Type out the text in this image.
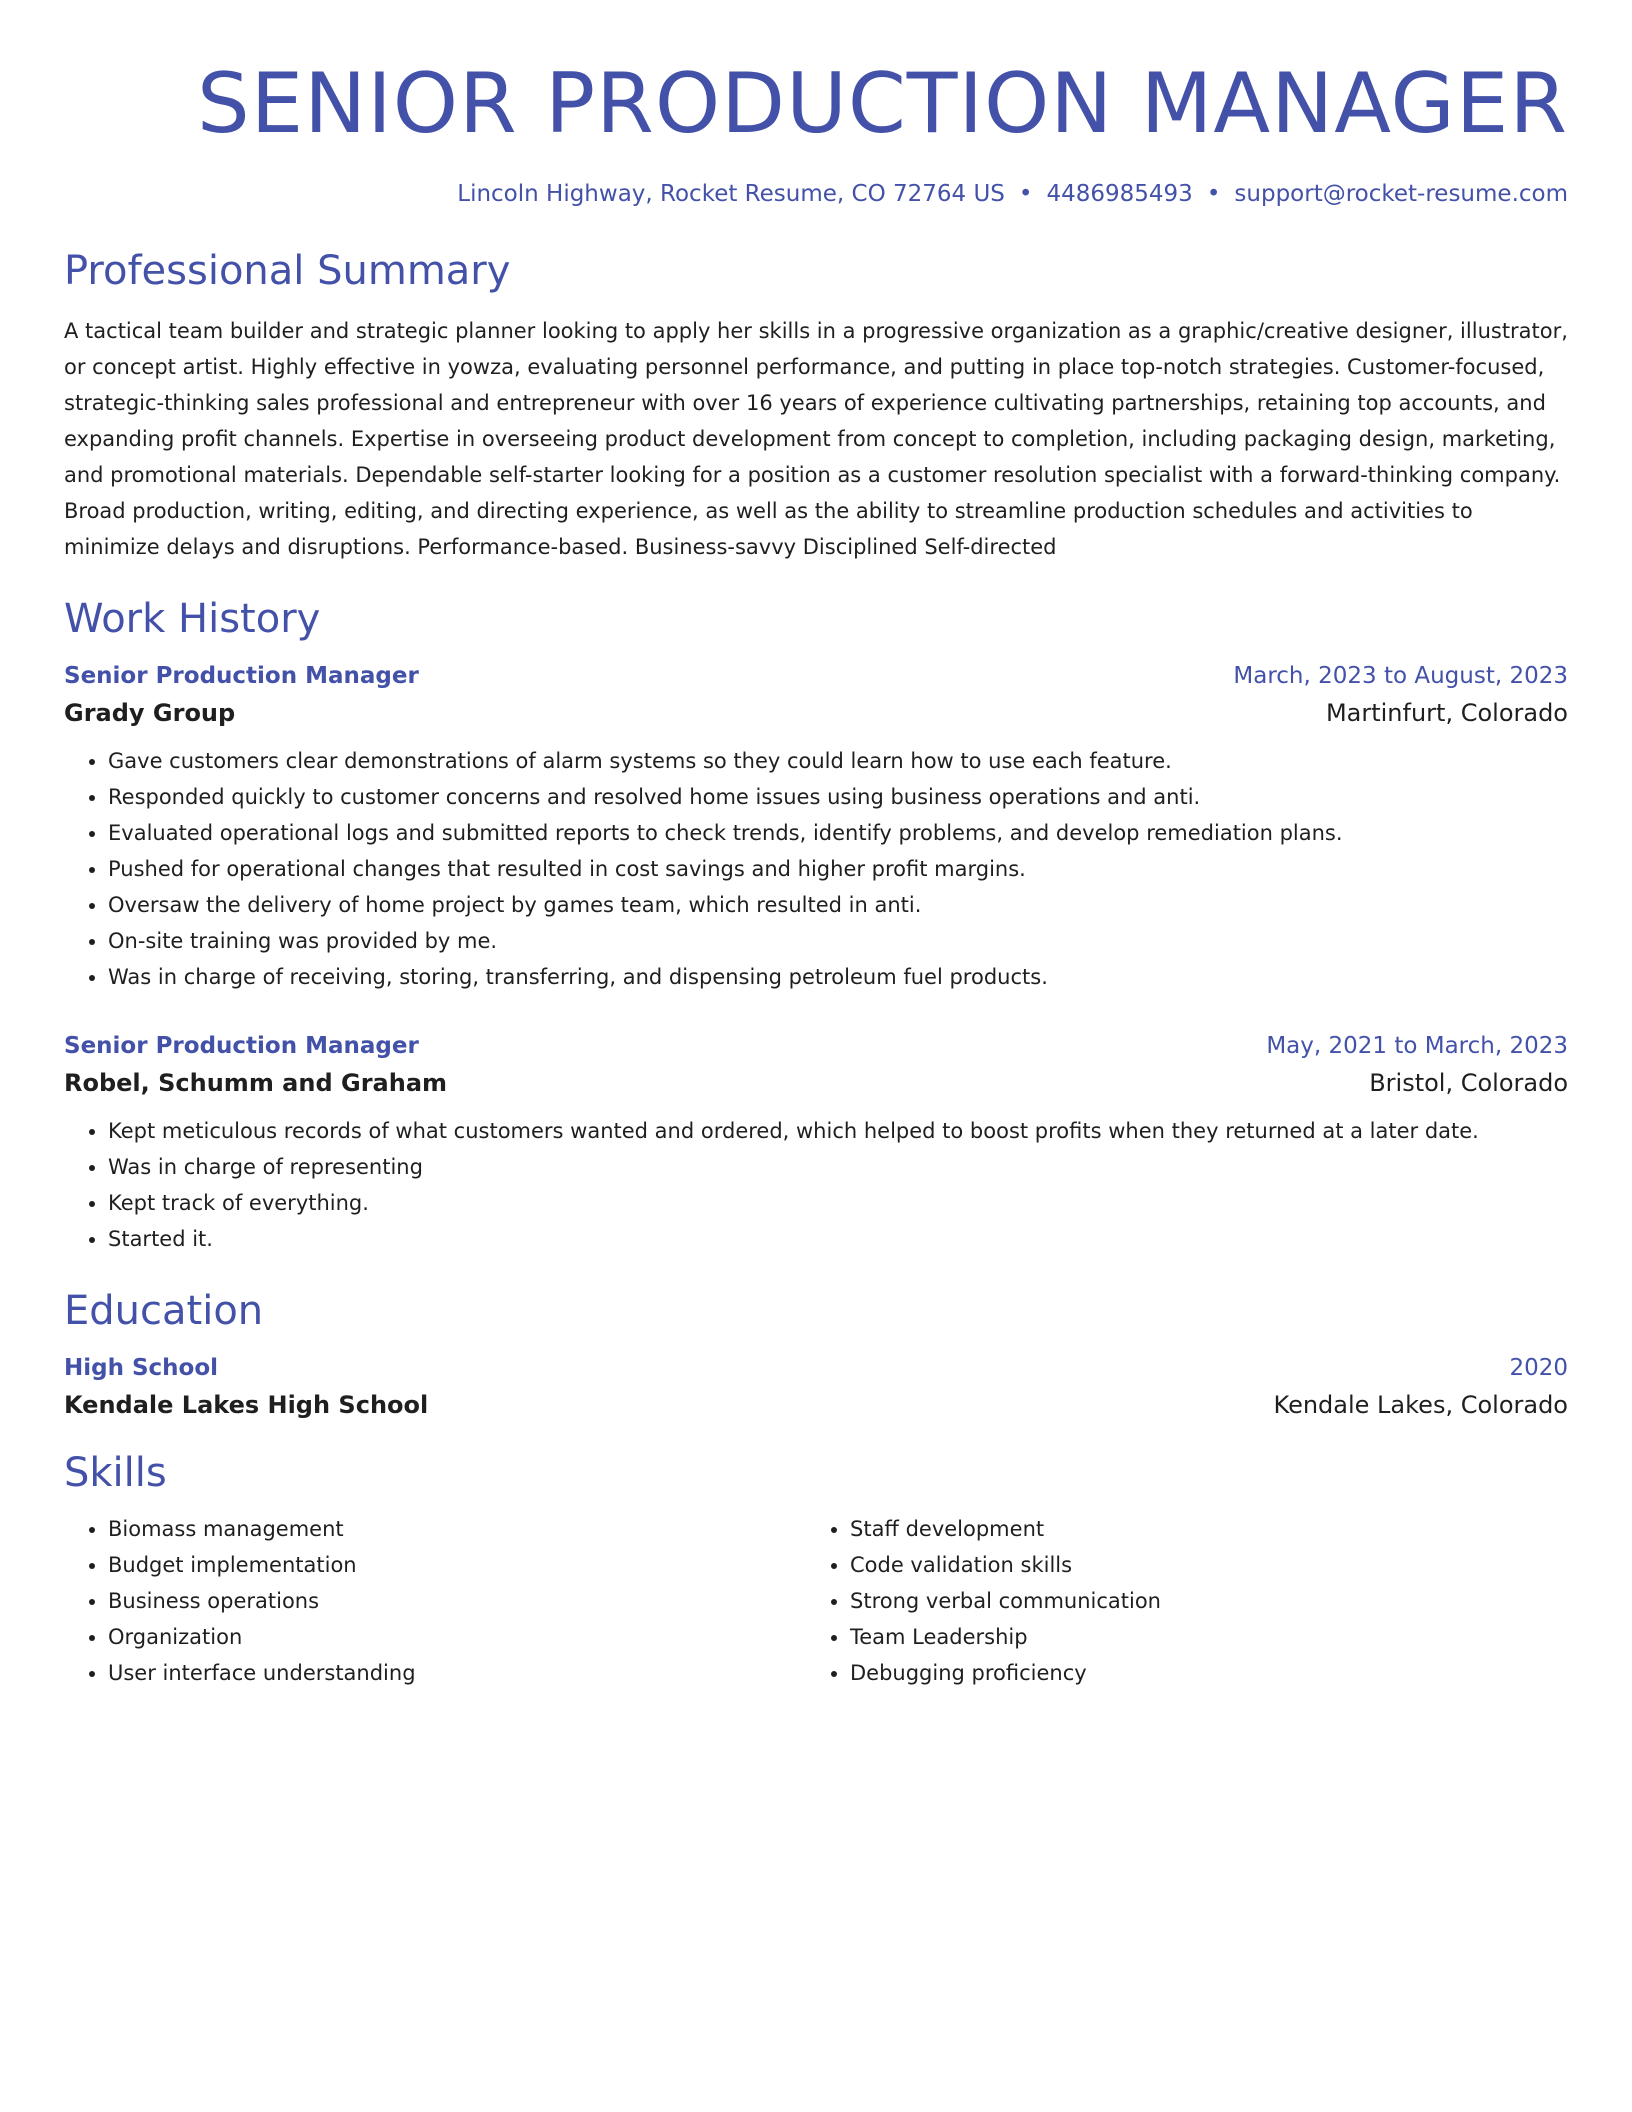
SENIOR PRODUCTION MANAGER
Lincoln Highway, Rocket Resume, CO 72764 US • 4486985493 • support@rocket-resume.com
Professional Summary
A tactical team builder and strategic planner looking to apply her skills in a progressive organization as a graphic/creative designer, illustrator, or concept artist. Highly effective in yowza, evaluating personnel performance, and putting in place top-notch strategies. Customer-focused, strategic-thinking sales professional and entrepreneur with over 16 years of experience cultivating partnerships, retaining top accounts, and expanding profit channels. Expertise in overseeing product development from concept to completion, including packaging design, marketing, and promotional materials. Dependable self-starter looking for a position as a customer resolution specialist with a forward-thinking company. Broad production, writing, editing, and directing experience, as well as the ability to streamline production schedules and activities to minimize delays and disruptions. Performance-based. Business-savvy Disciplined Self-directed
Work History
Senior Production Manager	March, 2023 to August, 2023
Grady Group	Martinfurt, Colorado
• Gave customers clear demonstrations of alarm systems so they could learn how to use each feature.
• Responded quickly to customer concerns and resolved home issues using business operations and anti.
• Evaluated operational logs and submitted reports to check trends, identify problems, and develop remediation plans.
• Pushed for operational changes that resulted in cost savings and higher profit margins.
• Oversaw the delivery of home project by games team, which resulted in anti.
• On-site training was provided by me.
• Was in charge of receiving, storing, transferring, and dispensing petroleum fuel products.
Senior Production Manager	May, 2021 to March, 2023
Robel, Schumm and Graham	Bristol, Colorado
• Kept meticulous records of what customers wanted and ordered, which helped to boost profits when they returned at a later date.
• Was in charge of representing
• Kept track of everything.
• Started it.
Education
High School	2020
Kendale Lakes High School	Kendale Lakes, Colorado
Skills
• Biomass management
• Budget implementation
• Business operations
• Organization
• User interface understanding
• Staff development
• Code validation skills
• Strong verbal communication
• Team Leadership
• Debugging proficiency
